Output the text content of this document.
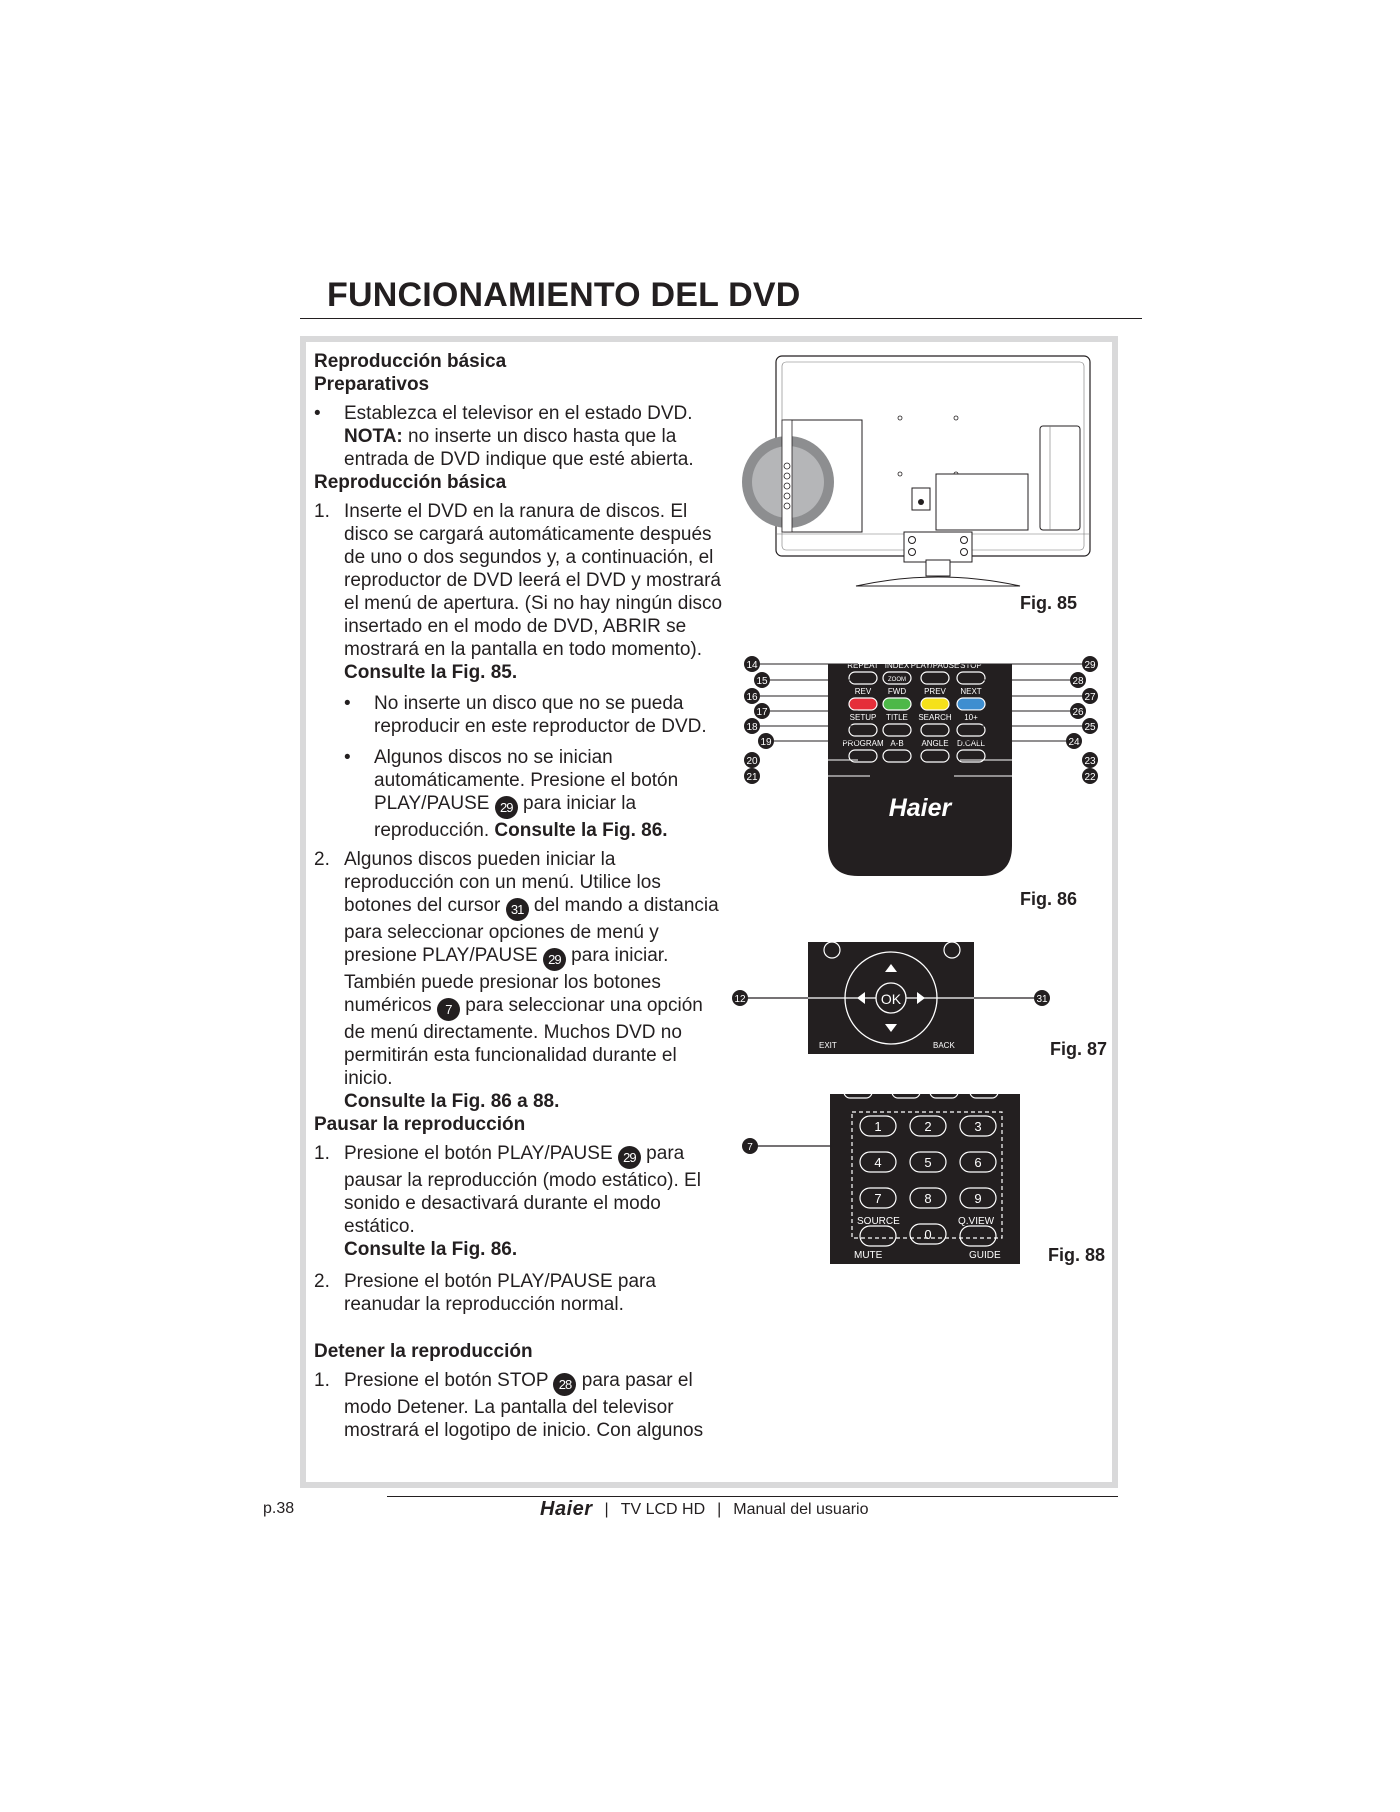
FUNCIONAMIENTO DEL DVD
Reproducción básica
Preparativos
• Establezca el televisor en el estado DVD.
NOTA: no inserte un disco hasta que la entrada de DVD indique que esté abierta.
Reproducción básica
1. Inserte el DVD en la ranura de discos. El disco se cargará automáticamente después de uno o dos segundos y, a continuación, el reproductor de DVD leerá el DVD y mostrará el menú de apertura. (Si no hay ningún disco insertado en el modo de DVD, ABRIR se mostrará en la pantalla en todo momento). Consulte la Fig. 85.
• No inserte un disco que no se pueda reproducir en este reproductor de DVD.
• Algunos discos no se inician automáticamente. Presione el botón PLAY/PAUSE 29 para iniciar la reproducción. Consulte la Fig. 86.
2. Algunos discos pueden iniciar la reproducción con un menú. Utilice los botones del cursor 31 del mando a distancia para seleccionar opciones de menú y presione PLAY/PAUSE 29 para iniciar. También puede presionar los botones numéricos 7 para seleccionar una opción de menú directamente. Muchos DVD no permitirán esta funcionalidad durante el inicio.
Consulte la Fig. 86 a 88.
Pausar la reproducción
1. Presione el botón PLAY/PAUSE 29 para pausar la reproducción (modo estático). El sonido e desactivará durante el modo estático.
Consulte la Fig. 86.
2. Presione el botón PLAY/PAUSE para reanudar la reproducción normal.
Detener la reproducción
1. Presione el botón STOP 28 para pasar el modo Detener. La pantalla del televisor mostrará el logotipo de inicio. Con algunos
Fig. 85
REPEAT INDEX PLAY/PAUSE STOP
REV FWD PREV NEXT
SETUP TITLE SEARCH 10+
PROGRAM A-B ANGLE D.CALL
ZOOM
Haier
14
15
16
17
18
19
20
21
29
28
27
26
25
24
23
22
Fig. 86
OK
EXIT	BACK
12	31
Fig. 87
1	2	3
4	5	6
7	8	9
0
SOURCE	Q.VIEW
MUTE	GUIDE
7
Fig. 88
p.38	Haier | TV LCD HD | Manual del usuario
